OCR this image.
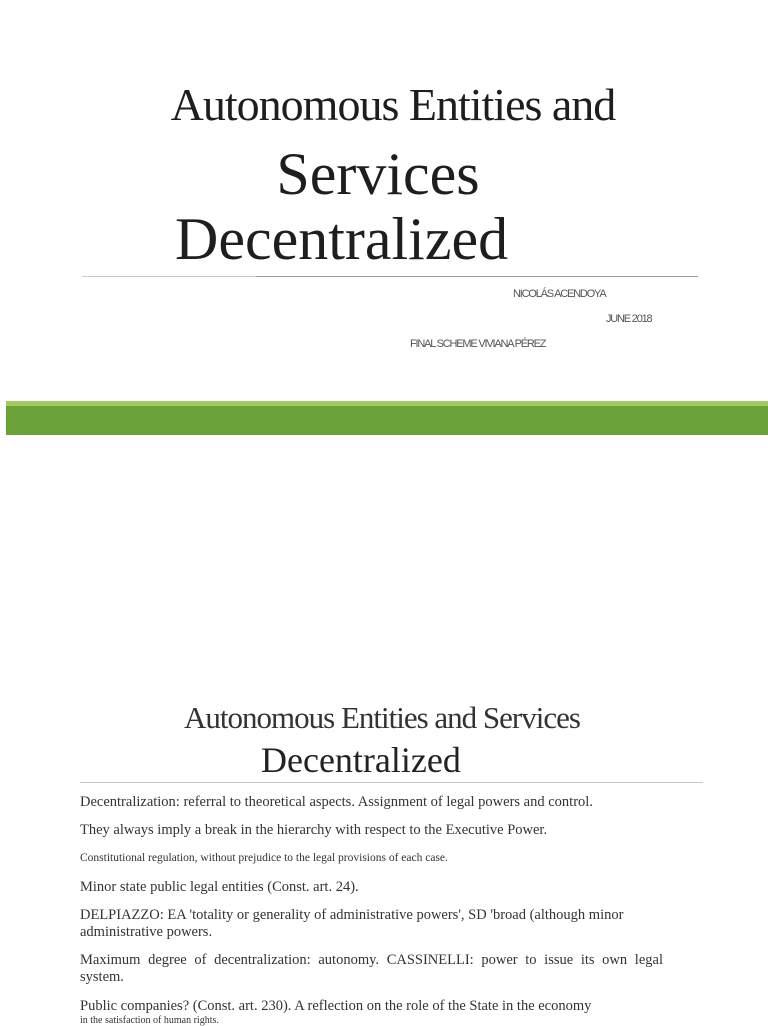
Autonomous Entities and
Services
Decentralized
NICOLÁS ACENDOYA
JUNE 2018
FINAL SCHEME VIVIANA PÉREZ
Autonomous Entities and Services
Decentralized
Decentralization: referral to theoretical aspects. Assignment of legal powers and control.
They always imply a break in the hierarchy with respect to the Executive Power.
Constitutional regulation, without prejudice to the legal provisions of each case.
Minor state public legal entities (Const. art. 24).
DELPIAZZO: EA 'totality or generality of administrative powers', SD 'broad (although minor administrative powers.
Maximum degree of decentralization: autonomy. CASSINELLI: power to issue its own legal system.
Public companies? (Const. art. 230). A reflection on the role of the State in the economy
in the satisfaction of human rights.
